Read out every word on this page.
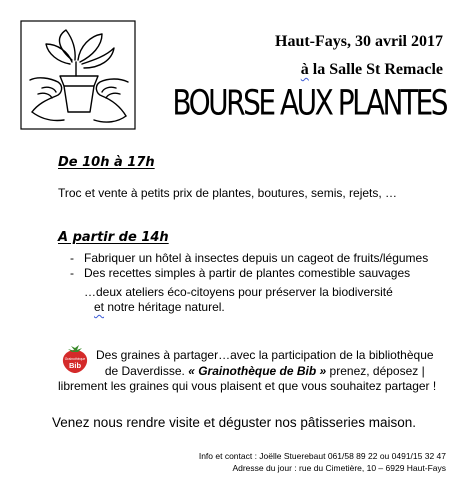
Haut-Fays, 30 avril 2017
à la Salle St Remacle
BOURSE AUX PLANTES
De 10h à 17h
Troc et vente à petits prix de plantes, boutures, semis, rejets, …
A partir de 14h
- Fabriquer un hôtel à insectes depuis un cageot de fruits/légumes
- Des recettes simples à partir de plantes comestible sauvages
…deux ateliers éco-citoyens pour préserver la biodiversité
et notre héritage naturel.
Grainothèque
Bib
Des graines à partager…avec la participation de la bibliothèque
de Daverdisse. « Grainothèque de Bib » prenez, déposez |
librement les graines qui vous plaisent et que vous souhaitez partager !
Venez nous rendre visite et déguster nos pâtisseries maison.
Info et contact : Joëlle Stuerebaut 061/58 89 22 ou 0491/15 32 47
Adresse du jour : rue du Cimetière, 10 – 6929 Haut-Fays
